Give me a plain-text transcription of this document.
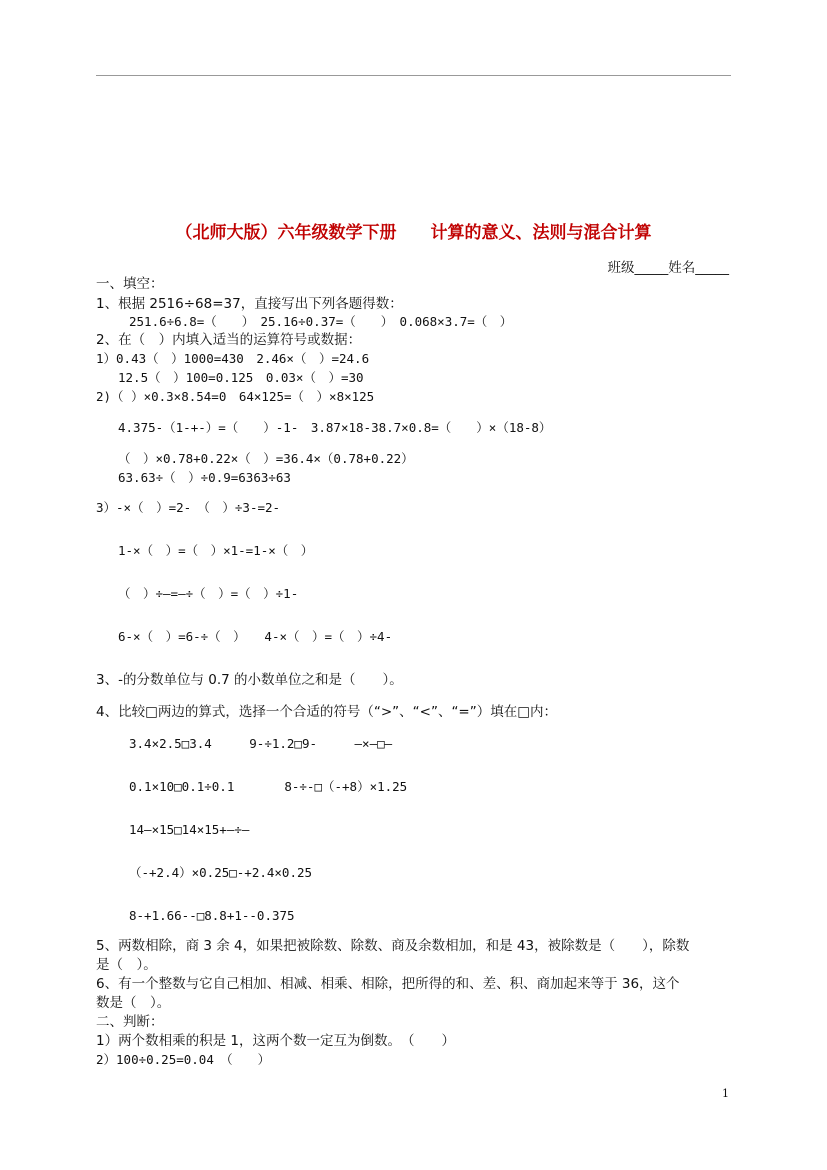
（北师大版）六年级数学下册　　计算的意义、法则与混合计算
班级_____姓名_____
一、填空：
1、根据 2516÷68=37，直接写出下列各题得数：
251.6÷6.8=（　　）　25.16÷0.37=（　　）　0.068×3.7=（　）
2、在（　）内填入适当的运算符号或数据：
1）0.43（　）1000=430　2.46×（　）=24.6
12.5（　）100=0.125　0.03×（　）=30
2)（ ）×0.3×8.54=0　64×125=（　）×8×125
4.375-（1-+-）=（　　）-1-　3.87×18-38.7×0.8=（　　）×（18-8）
（　）×0.78+0.22×（　）=36.4×（0.78+0.22）
63.63÷（　）÷0.9=6363÷63
3）-×（　）=2-　（　）÷3-=2-
1-×（　）=（　）×1-=1-×（　）
（　）÷—=—÷（　）=（　）÷1-
6-×（　）=6-÷（　）　　4-×（　）=（　）÷4-
3、-的分数单位与 0.7 的小数单位之和是（　　）。
4、比较□两边的算式，选择一个合适的符号（“>”、“<”、“=”）填在□内：
3.4×2.5□3.4　　　9-÷1.2□9-　　　—×—□—
0.1×10□0.1÷0.1　　　　8-÷-□（-+8）×1.25
14—×15□14×15+—÷—
（-+2.4）×0.25□-+2.4×0.25
8-+1.66--□8.8+1--0.375
5、两数相除，商 3 余 4，如果把被除数、除数、商及余数相加，和是 43，被除数是（　　），除数
是（　）。
6、有一个整数与它自己相加、相减、相乘、相除，把所得的和、差、积、商加起来等于 36，这个
数是（　）。
二、判断：
1）两个数相乘的积是 1，这两个数一定互为倒数。　（　　）
2）100÷0.25=0.04　（　　）
1
